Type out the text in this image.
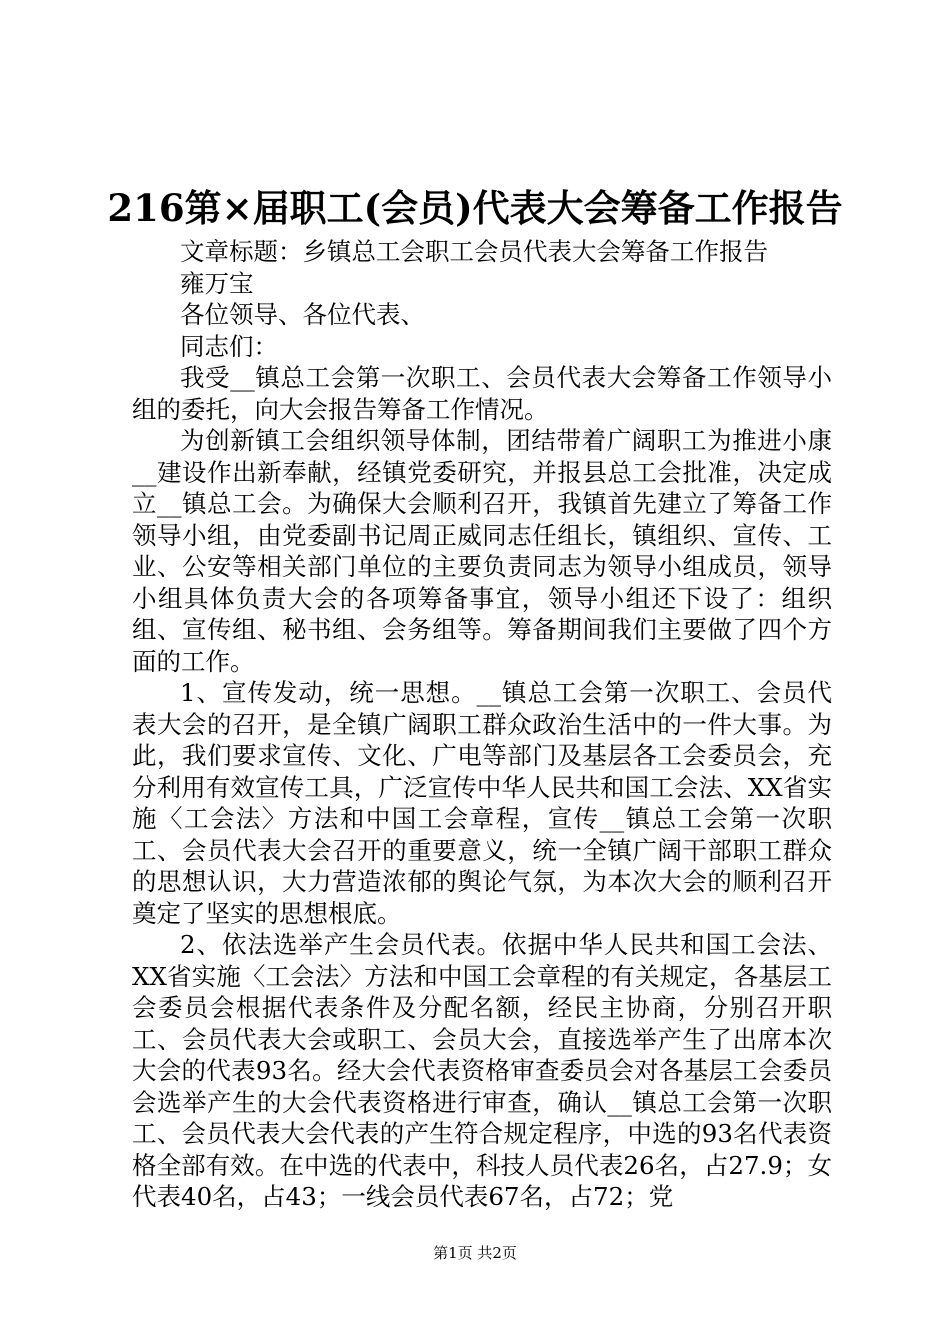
216第×届职工(会员)代表大会筹备工作报告

文章标题：乡镇总工会职工会员代表大会筹备工作报告

雍万宝

各位领导、各位代表、

同志们：

我受__镇总工会第一次职工、会员代表大会筹备工作领导小组的委托，向大会报告筹备工作情况。

为创新镇工会组织领导体制，团结带着广阔职工为推进小康__建设作出新奉献，经镇党委研究，并报县总工会批准，决定成立__镇总工会。为确保大会顺利召开，我镇首先建立了筹备工作领导小组，由党委副书记周正威同志任组长，镇组织、宣传、工业、公安等相关部门单位的主要负责同志为领导小组成员，领导小组具体负责大会的各项筹备事宜，领导小组还下设了：组织组、宣传组、秘书组、会务组等。筹备期间我们主要做了四个方面的工作。

1、宣传发动，统一思想。__镇总工会第一次职工、会员代表大会的召开，是全镇广阔职工群众政治生活中的一件大事。为此，我们要求宣传、文化、广电等部门及基层各工会委员会，充分利用有效宣传工具，广泛宣传中华人民共和国工会法、XX省实施〈工会法〉方法和中国工会章程，宣传__镇总工会第一次职工、会员代表大会召开的重要意义，统一全镇广阔干部职工群众的思想认识，大力营造浓郁的舆论气氛，为本次大会的顺利召开奠定了坚实的思想根底。

2、依法选举产生会员代表。依据中华人民共和国工会法、XX省实施〈工会法〉方法和中国工会章程的有关规定，各基层工会委员会根据代表条件及分配名额，经民主协商，分别召开职工、会员代表大会或职工、会员大会，直接选举产生了出席本次大会的代表93名。经大会代表资格审查委员会对各基层工会委员会选举产生的大会代表资格进行审查，确认__镇总工会第一次职工、会员代表大会代表的产生符合规定程序，中选的93名代表资格全部有效。在中选的代表中，科技人员代表26名，占27.9；女代表40名，占43；一线会员代表67名，占72；党

第1页 共2页
